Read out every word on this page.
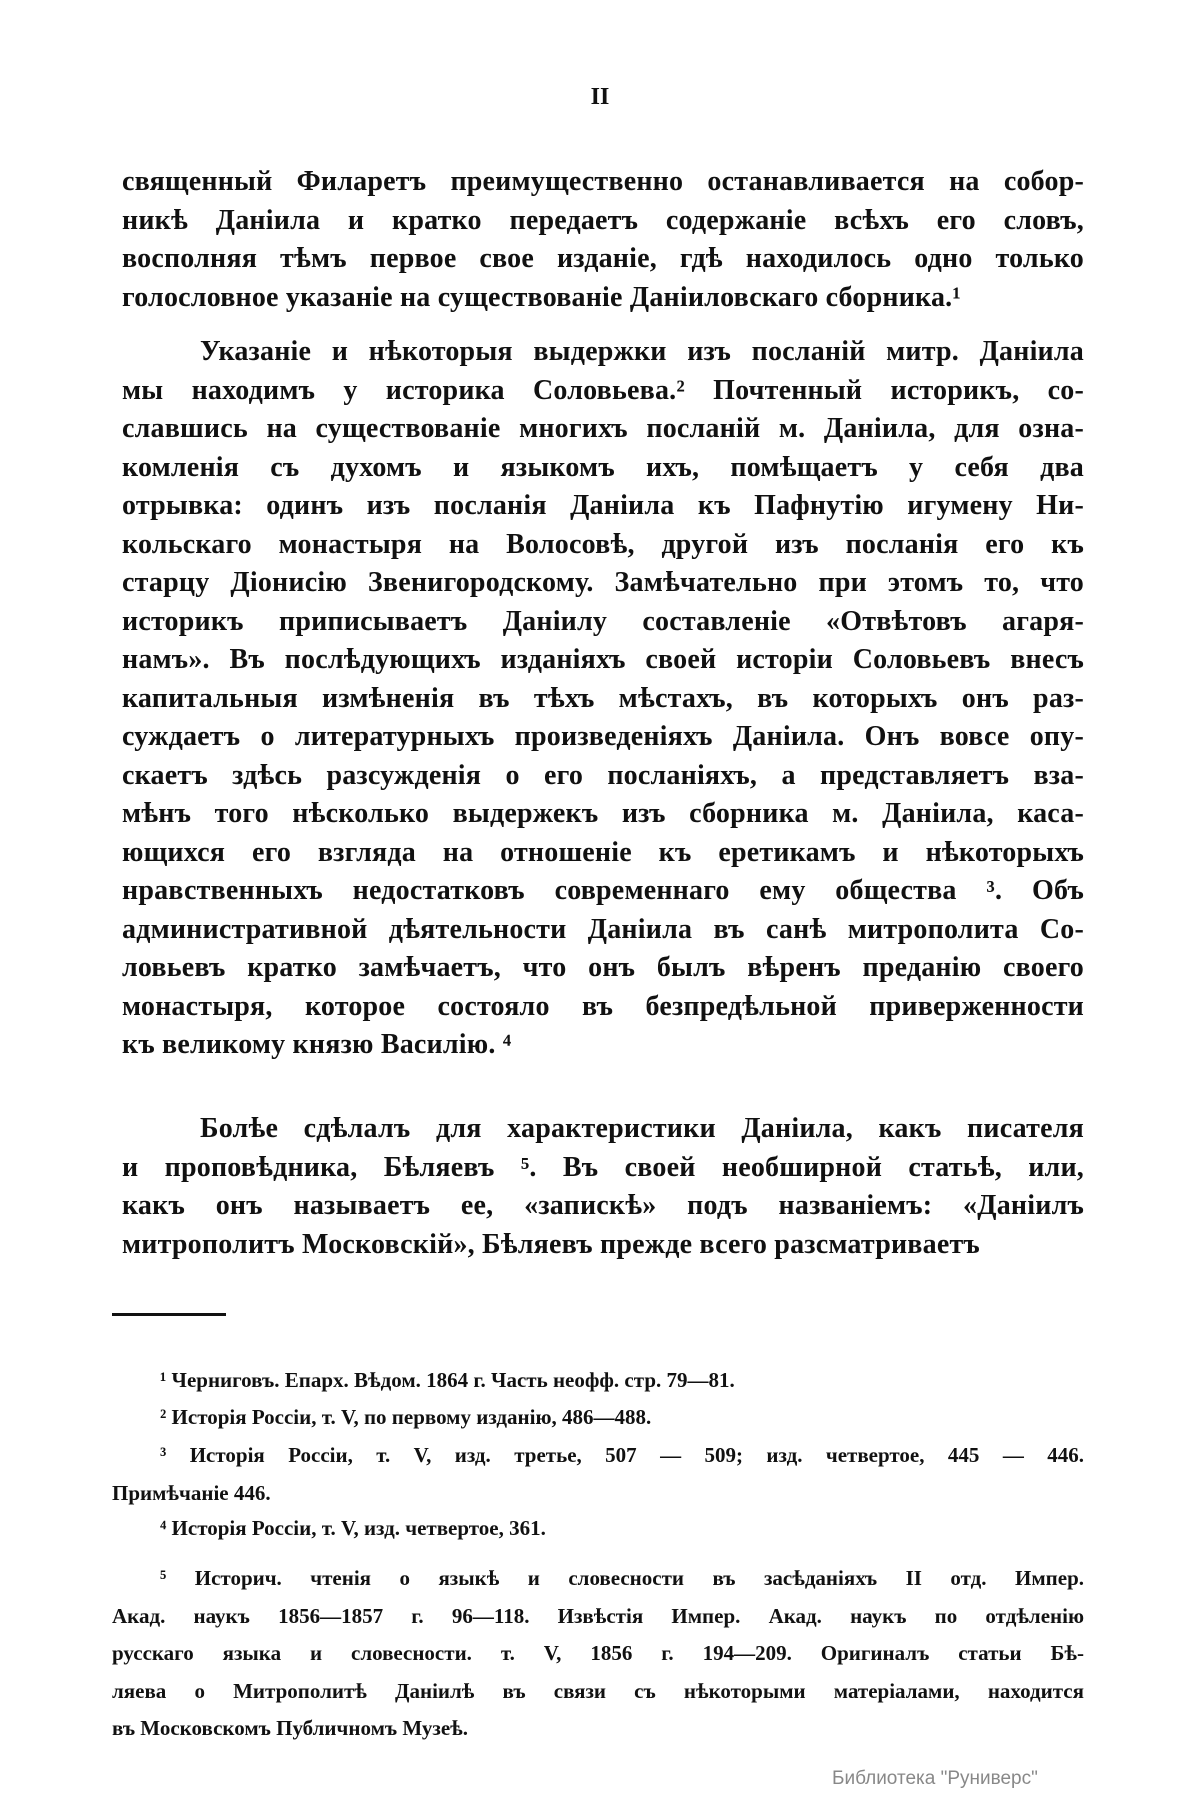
II
священный Филаретъ преимущественно останавливается на собор-
никѣ Даніила и кратко передаетъ содержаніе всѣхъ его словъ,
восполняя тѣмъ первое свое изданіе, гдѣ находилось одно только
голословное указаніе на существованіе Даніиловскаго сборника.¹
Указаніе и нѣкоторыя выдержки изъ посланій митр. Даніила
мы находимъ у историка Соловьева.² Почтенный историкъ, со-
славшись на существованіе многихъ посланій м. Даніила, для озна-
комленія съ духомъ и языкомъ ихъ, помѣщаетъ у себя два
отрывка: одинъ изъ посланія Даніила къ Пафнутію игумену Ни-
кольскаго монастыря на Волосовѣ, другой изъ посланія его къ
старцу Діонисію Звенигородскому. Замѣчательно при этомъ то, что
историкъ приписываетъ Даніилу составленіе «Отвѣтовъ агаря-
намъ». Въ послѣдующихъ изданіяхъ своей исторіи Соловьевъ внесъ
капитальныя измѣненія въ тѣхъ мѣстахъ, въ которыхъ онъ раз-
суждаетъ о литературныхъ произведеніяхъ Даніила. Онъ вовсе опу-
скаетъ здѣсь разсужденія о его посланіяхъ, а представляетъ вза-
мѣнъ того нѣсколько выдержекъ изъ сборника м. Даніила, каса-
ющихся его взгляда на отношеніе къ еретикамъ и нѣкоторыхъ
нравственныхъ недостатковъ современнаго ему общества ³. Объ
административной дѣятельности Даніила въ санѣ митрополита Со-
ловьевъ кратко замѣчаетъ, что онъ былъ вѣренъ преданію своего
монастыря, которое состояло въ безпредѣльной приверженности
къ великому князю Василію. ⁴
Болѣе сдѣлалъ для характеристики Даніила, какъ писателя
и проповѣдника, Бѣляевъ ⁵. Въ своей необширной статьѣ, или,
какъ онъ называетъ ее, «запискѣ» подъ названіемъ: «Даніилъ
митрополитъ Московскій», Бѣляевъ прежде всего разсматриваетъ
¹ Черниговъ. Епарх. Вѣдом. 1864 г. Часть неофф. стр. 79—81.
² Исторія Россіи, т. V, по первому изданію, 486—488.
³ Исторія Россіи, т. V, изд. третье, 507 — 509; изд. четвертое, 445 — 446.
Примѣчаніе 446.
⁴ Исторія Россіи, т. V, изд. четвертое, 361.
⁵ Историч. чтенія о языкѣ и словесности въ засѣданіяхъ II отд. Импер.
Акад. наукъ 1856—1857 г. 96—118. Извѣстія Импер. Акад. наукъ по отдѣленію
русскаго языка и словесности. т. V, 1856 г. 194—209. Оригиналъ статьи Бѣ-
ляева о Митрополитѣ Даніилѣ въ связи съ нѣкоторыми матеріалами, находится
въ Московскомъ Публичномъ Музеѣ.
Библиотека "Руниверс"
